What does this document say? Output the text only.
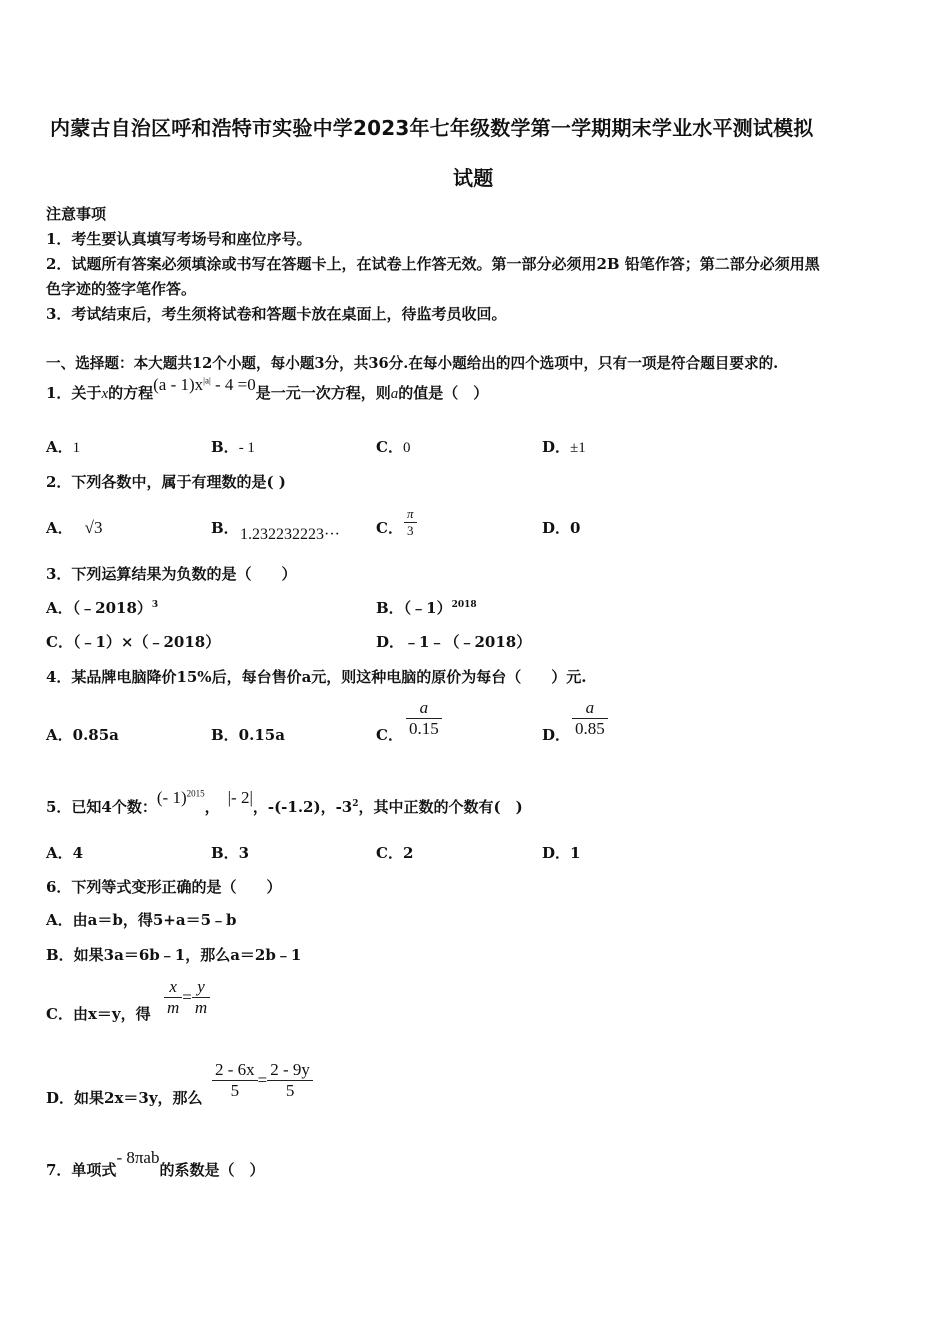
内蒙古自治区呼和浩特市实验中学2023年七年级数学第一学期期末学业水平测试模拟
试题
注意事项
1．考生要认真填写考场号和座位序号。
2．试题所有答案必须填涂或书写在答题卡上，在试卷上作答无效。第一部分必须用2B 铅笔作答；第二部分必须用黑
色字迹的签字笔作答。
3．考试结束后，考生须将试卷和答题卡放在桌面上，待监考员收回。
一、选择题：本大题共12个小题，每小题3分，共36分.在每小题给出的四个选项中，只有一项是符合题目要求的.
1．关于x的方程$(a - 1)x^{|a|} - 4 =0$是一元一次方程，则a的值是（　）
A．1	B．- 1	C．0	D．±1
2．下列各数中，属于有理数的是( )
A． √3	B． 1.232232223··· C． $\frac{\pi}{3}$	D．0
3．下列运算结果为负数的是（　　）
A．（﹣2018）$^3$	B．（﹣1）$^{2018}$
C．（﹣1）×（﹣2018）	D．﹣1﹣（﹣2018）
4．某品牌电脑降价15%后，每台售价a元，则这种电脑的原价为每台（　　）元.
A．0.85a	B．0.15a	C． $\frac{a}{0.15}$	D． $\frac{a}{0.85}$
5．已知4个数：(- 1)$^{2015}$， |- 2|，-(-1.2)，$-3^2$，其中正数的个数有(　)
A．4	B．3	C．2	D．1
6．下列等式变形正确的是（　　）
A．由a＝b，得5+a＝5﹣b
B．如果3a＝6b﹣1，那么a＝2b﹣1
C．由x＝y，得 $\frac{x}{m} = \frac{y}{m}$
D．如果2x＝3y，那么 $\frac{2 - 6x}{5} = \frac{2 - 9y}{5}$
7．单项式- 8πab的系数是（　）
